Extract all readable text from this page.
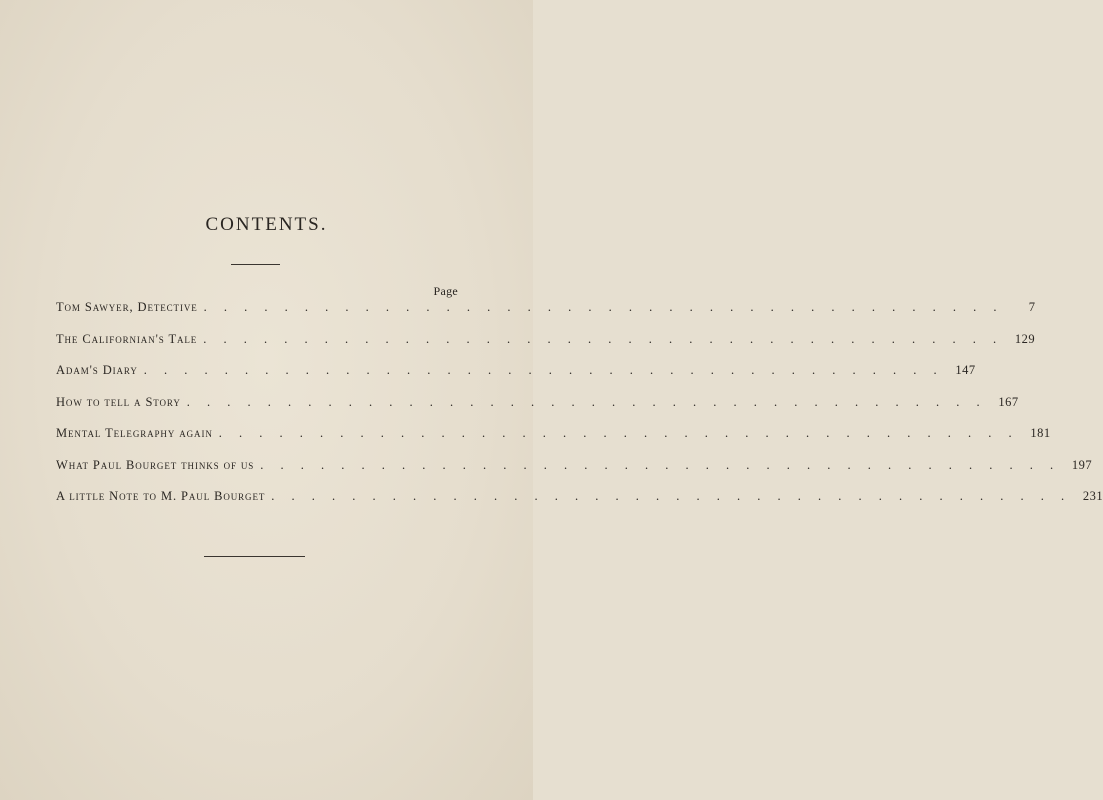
CONTENTS.
Page
Tom Sawyer, Detective . . . . . . . . . . . . . . . . . . . . . . . . . . . . . . . . . . . . . . . .	7
The Californian's Tale . . . . . . . . . . . . . . . . . . . . . . . . . . . . . . . . . . . . . . . . 129
Adam's Diary . . . . . . . . . . . . . . . . . . . . . . . . . . . . . . . . . . . . . . . . 147
How to tell a Story . . . . . . . . . . . . . . . . . . . . . . . . . . . . . . . . . . . . . . . . 167
Mental Telegraphy again . . . . . . . . . . . . . . . . . . . . . . . . . . . . . . . . . . . . . . . . 181
What Paul Bourget thinks of us . . . . . . . . . . . . . . . . . . . . . . . . . . . . . . . . . . . . . . . . 197
A little Note to M. Paul Bourget . . . . . . . . . . . . . . . . . . . . . . . . . . . . . . . . . . . . . . . . 231
